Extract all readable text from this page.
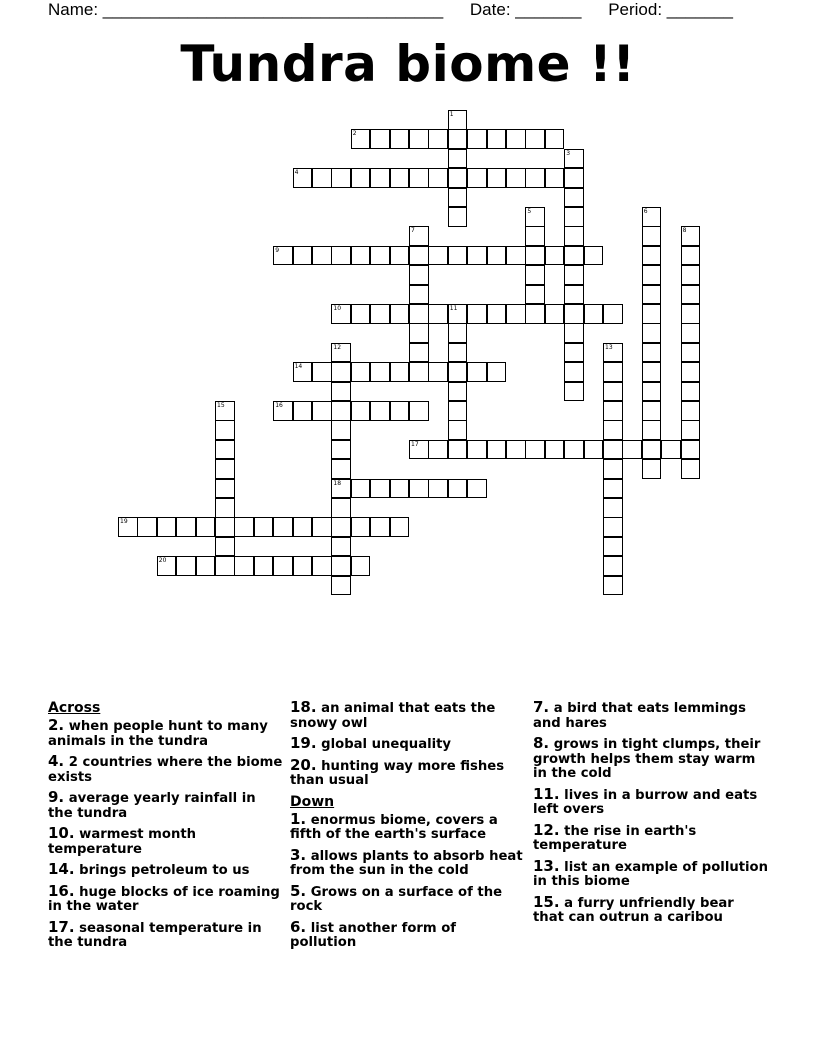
Name: ____________________________________ Date: _______ Period: _______
Tundra biome !!
1
2
3
4
5	6
7	8
9
10	11
12
18
13
14
15	16
17
19
20
Across
2. when people hunt to many animals in the tundra
4. 2 countries where the biome exists
9. average yearly rainfall in the tundra
10. warmest month temperature
14. brings petroleum to us
16. huge blocks of ice roaming in the water
17. seasonal temperature in the tundra
18. an animal that eats the snowy owl
19. global unequality
20. hunting way more fishes than usual
Down
1. enormus biome, covers a fifth of the earth's surface
3. allows plants to absorb heat from the sun in the cold
5. Grows on a surface of the rock
6. list another form of pollution
7. a bird that eats lemmings and hares
8. grows in tight clumps, their growth helps them stay warm in the cold
11. lives in a burrow and eats left overs
12. the rise in earth's temperature
13. list an example of pollution in this biome
15. a furry unfriendly bear that can outrun a caribou
